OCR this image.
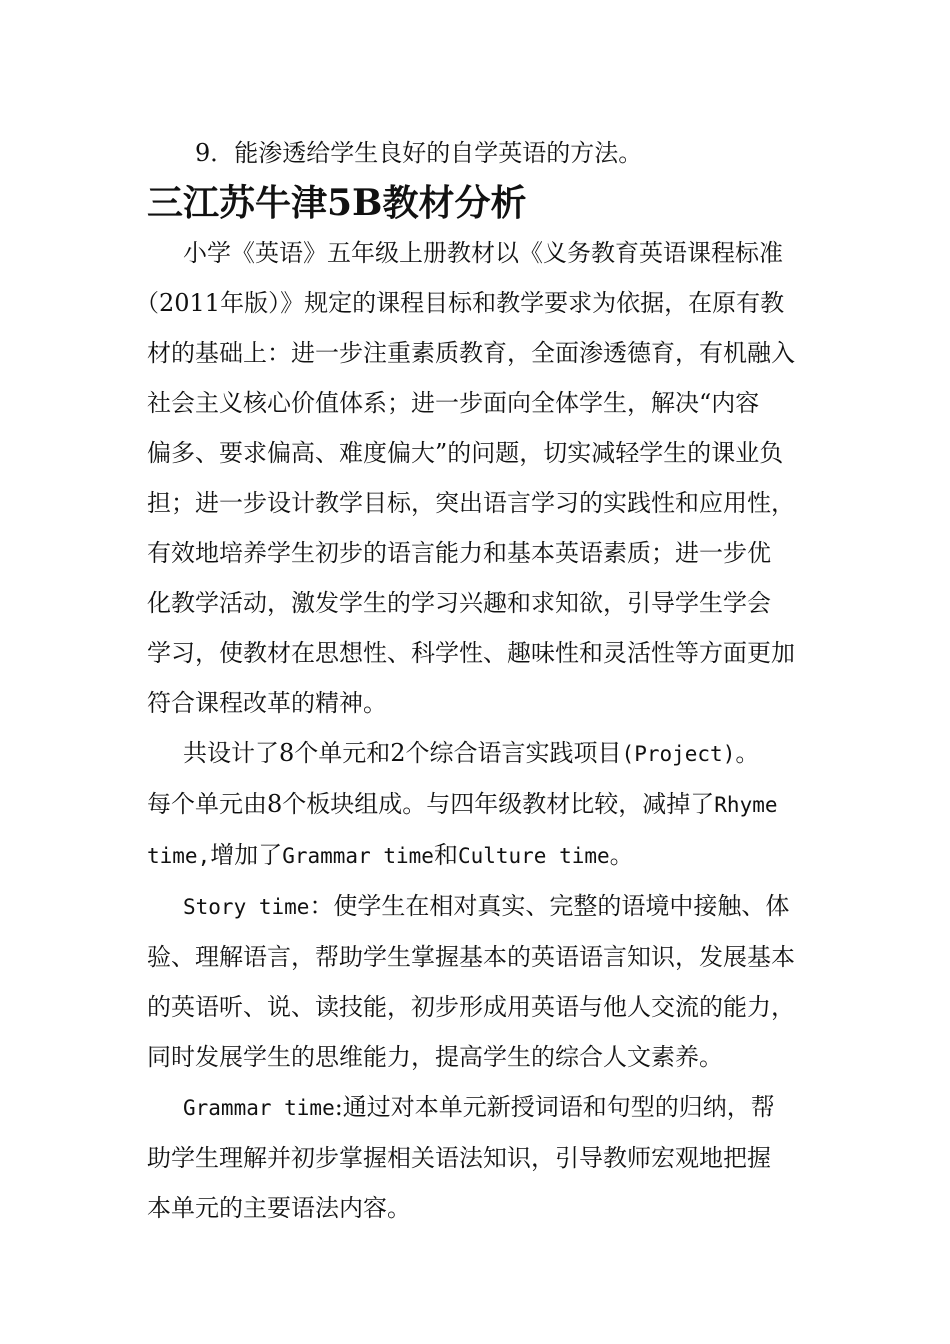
9．能渗透给学生良好的自学英语的方法。

三江苏牛津5B教材分析

小学《英语》五年级上册教材以《义务教育英语课程标准
（2011年版）》规定的课程目标和教学要求为依据，在原有教
材的基础上：进一步注重素质教育，全面渗透德育，有机融入
社会主义核心价值体系；进一步面向全体学生，解决“内容
偏多、要求偏高、难度偏大”的问题，切实减轻学生的课业负
担；进一步设计教学目标，突出语言学习的实践性和应用性，
有效地培养学生初步的语言能力和基本英语素质；进一步优
化教学活动，激发学生的学习兴趣和求知欲，引导学生学会
学习，使教材在思想性、科学性、趣味性和灵活性等方面更加
符合课程改革的精神。

共设计了8个单元和2个综合语言实践项目(Project)。
每个单元由8个板块组成。与四年级教材比较，减掉了Rhyme
time,增加了Grammar time和Culture time。

Story time：使学生在相对真实、完整的语境中接触、体
验、理解语言，帮助学生掌握基本的英语语言知识，发展基本
的英语听、说、读技能，初步形成用英语与他人交流的能力，
同时发展学生的思维能力，提高学生的综合人文素养。

Grammar time:通过对本单元新授词语和句型的归纳，帮
助学生理解并初步掌握相关语法知识，引导教师宏观地把握
本单元的主要语法内容。
